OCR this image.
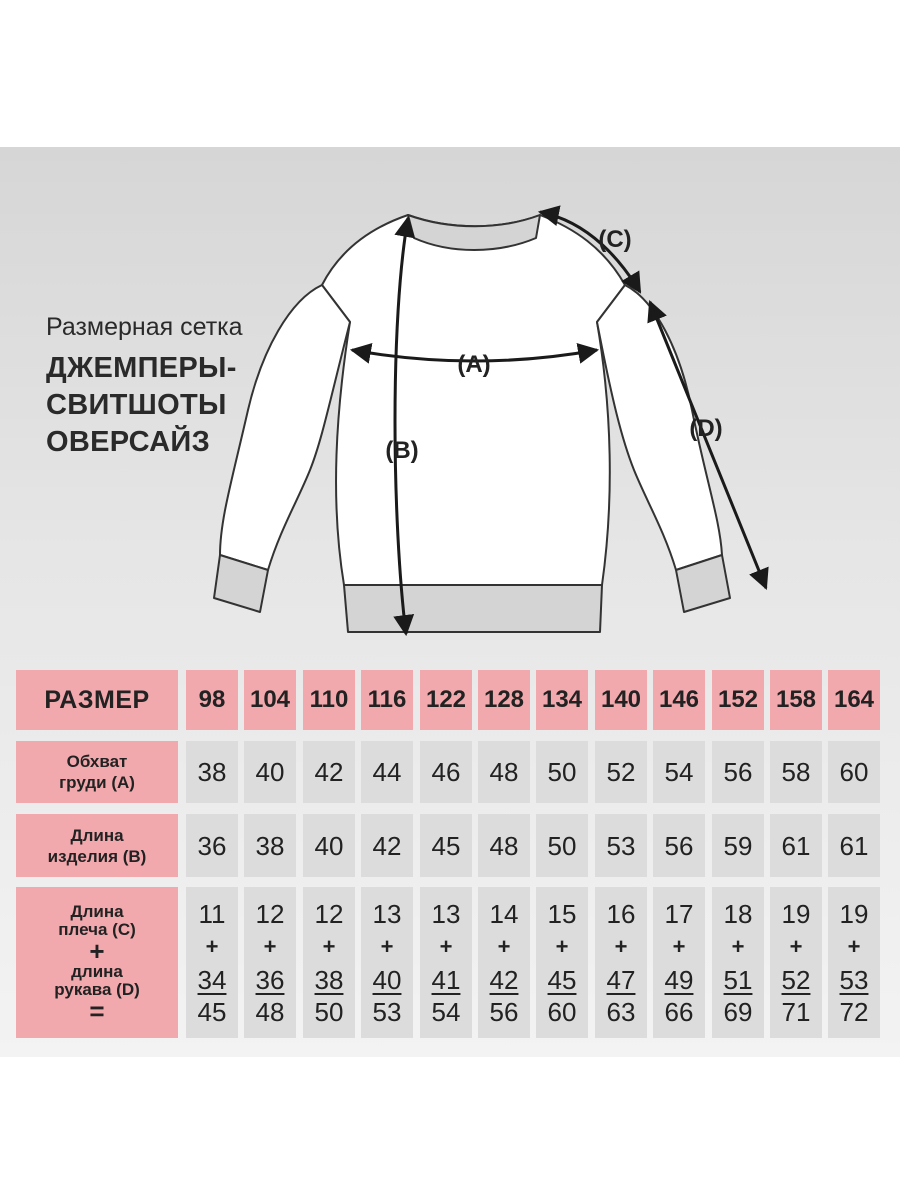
Размерная сетка
ДЖЕМПЕРЫ-
СВИТШОТЫ
ОВЕРСАЙЗ
(A)
(B)
(C)
(D)
РАЗМЕР
Обхват
груди (A)
Длина
изделия (B)
Длина
плеча (C)
+
длина
рукава (D)
=
98
38
36
11
+
34
45
104
40
38
12
+
36
48
110
42
40
12
+
38
50
116
44
42
13
+
40
53
122
46
45
13
+
41
54
128
48
48
14
+
42
56
134
50
50
15
+
45
60
140
52
53
16
+
47
63
146
54
56
17
+
49
66
152
56
59
18
+
51
69
158
58
61
19
+
52
71
164
60
61
19
+
53
72
